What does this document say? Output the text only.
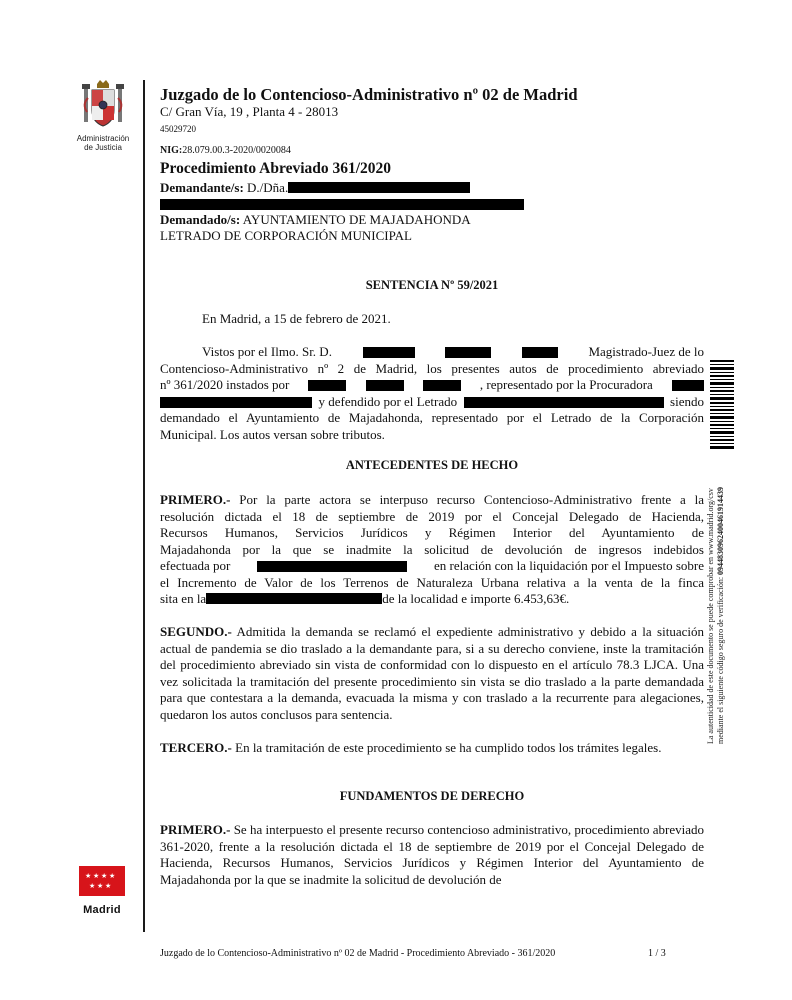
Administración
de Justicia
★ ★ ★ ★
★ ★ ★
Madrid
Juzgado de lo Contencioso-Administrativo nº 02 de Madrid
C/ Gran Vía, 19 , Planta 4 - 28013
45029720
NIG:28.079.00.3-2020/0020084
Procedimiento Abreviado 361/2020
Demandante/s: D./Dña.
Demandado/s: AYUNTAMIENTO DE MAJADAHONDA
LETRADO DE CORPORACIÓN MUNICIPAL
SENTENCIA Nº 59/2021
En Madrid, a 15 de febrero de 2021.
Vistos por el Ilmo. Sr. D.	Magistrado-Juez de lo
Contencioso-Administrativo nº 2 de Madrid, los presentes autos de procedimiento abreviado
nº 361/2020 instados por	, representado por la Procuradora
y defendido por el Letrado	siendo
demandado el Ayuntamiento de Majadahonda, representado por el Letrado de la Corporación
Municipal. Los autos versan sobre tributos.
ANTECEDENTES DE HECHO
PRIMERO.- Por la parte actora se interpuso recurso Contencioso-Administrativo frente a la
resolución dictada el 18 de septiembre de 2019 por el Concejal Delegado de Hacienda,
Recursos Humanos, Servicios Jurídicos y Régimen Interior del Ayuntamiento de
Majadahonda por la que se inadmite la solicitud de devolución de ingresos indebidos
efectuada por	en relación con la liquidación por el Impuesto sobre
el Incremento de Valor de los Terrenos de Naturaleza Urbana relativa a la venta de la finca
sita en la	de la localidad e importe 6.453,63€.
SEGUNDO.- Admitida la demanda se reclamó el expediente administrativo y debido a la situación actual de pandemia se dio traslado a la demandante para, si a su derecho conviene, inste la tramitación del procedimiento abreviado sin vista de conformidad con lo dispuesto en el artículo 78.3 LJCA. Una vez solicitada la tramitación del presente procedimiento sin vista se dio traslado a la parte demandada para que contestara a la demanda, evacuada la misma y con traslado a la recurrente para alegaciones, quedaron los autos conclusos para sentencia.
TERCERO.- En la tramitación de este procedimiento se ha cumplido todos los trámites legales.
FUNDAMENTOS DE DERECHO
PRIMERO.- Se ha interpuesto el presente recurso contencioso administrativo, procedimiento abreviado 361-2020, frente a la resolución dictada el 18 de septiembre de 2019 por el Concejal Delegado de Hacienda, Recursos Humanos, Servicios Jurídicos y Régimen Interior del Ayuntamiento de Majadahonda por la que se inadmite la solicitud de devolución de
La autenticidad de este documento se puede comprobar en www.madrid.org/csv mediante el siguiente código seguro de verificación: 0944830962400461914439
Juzgado de lo Contencioso-Administrativo nº 02 de Madrid - Procedimiento Abreviado - 361/2020	1 / 3
